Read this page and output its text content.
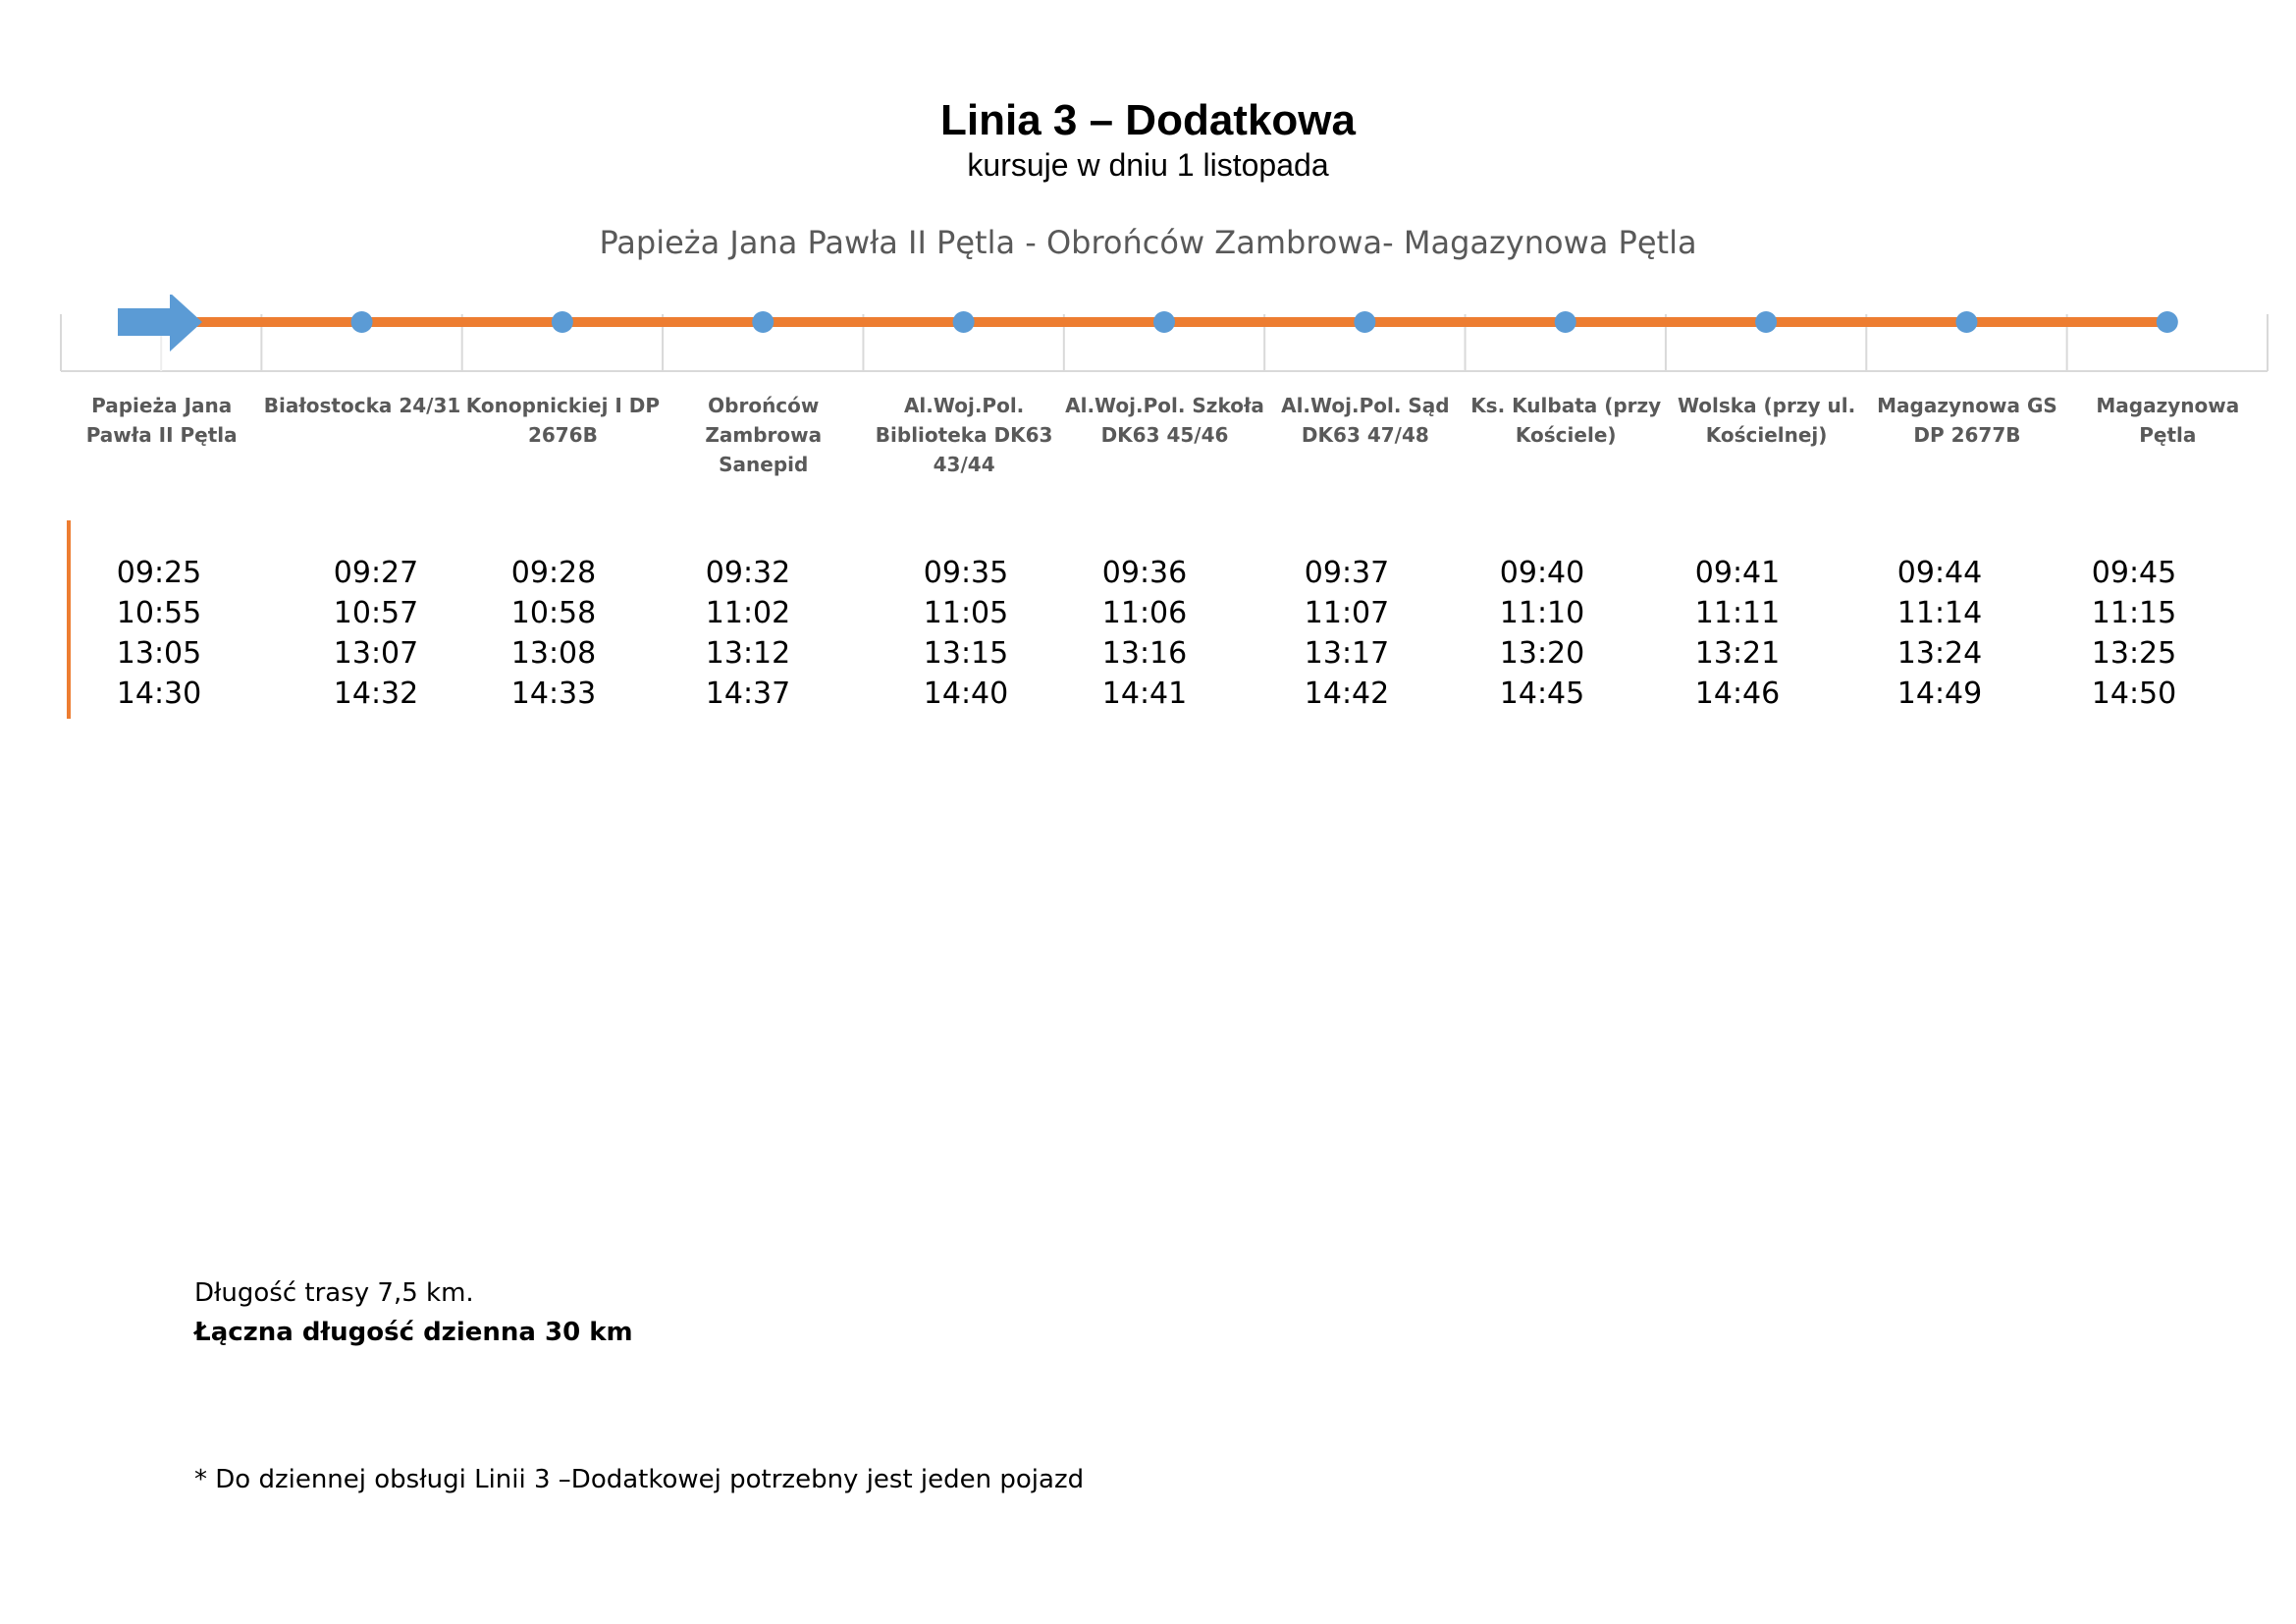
Linia 3 – Dodatkowa
kursuje w dniu 1 listopada
Papieża Jana Pawła II Pętla - Obrońców Zambrowa- Magazynowa Pętla
Papieża Jana Pawła II Pętla
Białostocka 24/31 Konopnickiej I DP 2676B
Obrońców Zambrowa Sanepid
Al.Woj.Pol. Biblioteka DK63 43/44
Al.Woj.Pol. Szkoła DK63 45/46
Al.Woj.Pol. Sąd DK63 47/48
Ks. Kulbata (przy Kościele)
Wolska (przy ul. Kościelnej)
Magazynowa GS DP 2677B
Magazynowa Pętla
09:25
10:55
13:05
14:30
09:27
10:57
13:07
14:32
09:28
10:58
13:08
14:33
09:32
11:02
13:12
14:37
09:35
11:05
13:15
14:40
09:36
11:06
13:16
14:41
09:37
11:07
13:17
14:42
09:40
11:10
13:20
14:45
09:41
11:11
13:21
14:46
09:44
11:14
13:24
14:49
09:45
11:15
13:25
14:50
Długość trasy 7,5 km.
Łączna długość dzienna 30 km
* Do dziennej obsługi Linii 3 –Dodatkowej potrzebny jest jeden pojazd
